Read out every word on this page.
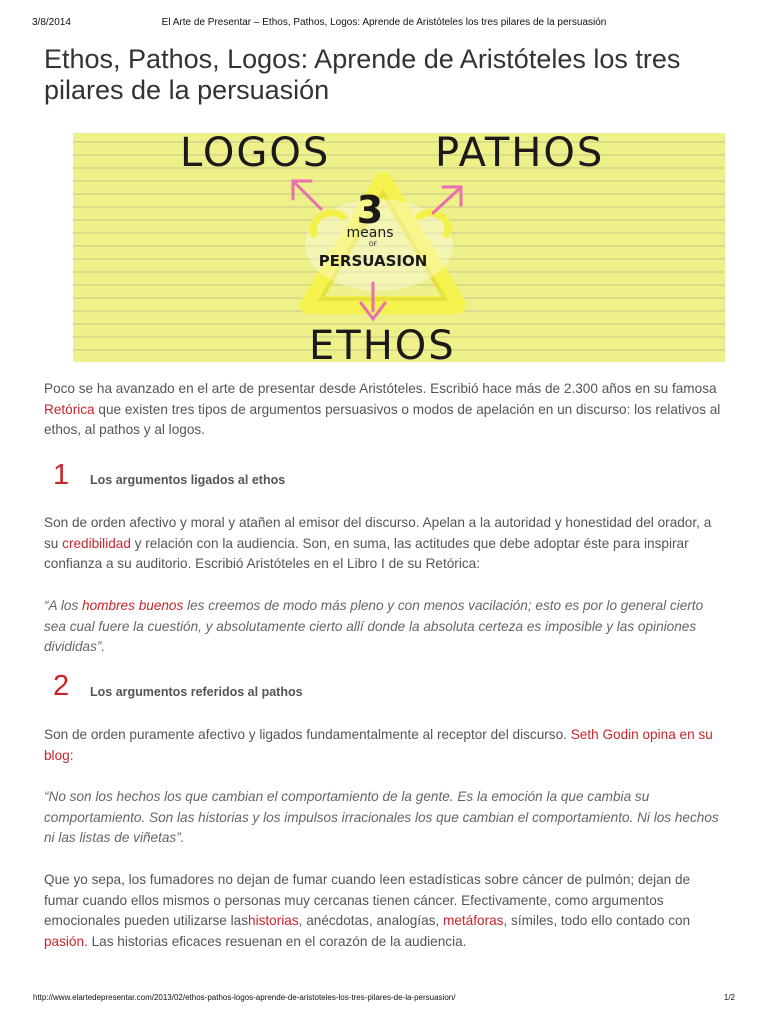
3/8/2014	El Arte de Presentar – Ethos, Pathos, Logos: Aprende de Aristóteles los tres pilares de la persuasión
Ethos, Pathos, Logos: Aprende de Aristóteles los tres pilares de la persuasión
LOGOS	PATHOS
ETHOS
3
means
OF
PERSUASION

Poco se ha avanzado en el arte de presentar desde Aristóteles. Escribió hace más de 2.300 años en su famosa Retórica que existen tres tipos de argumentos persuasivos o modos de apelación en un discurso: los relativos al ethos, al pathos y al logos.

1	Los argumentos ligados al ethos

Son de orden afectivo y moral y atañen al emisor del discurso. Apelan a la autoridad y honestidad del orador, a su credibilidad y relación con la audiencia. Son, en suma, las actitudes que debe adoptar éste para inspirar confianza a su auditorio. Escribió Aristóteles en el Libro I de su Retórica:

“A los hombres buenos les creemos de modo más pleno y con menos vacilación; esto es por lo general cierto sea cual fuere la cuestión, y absolutamente cierto allí donde la absoluta certeza es imposible y las opiniones divididas”.

2	Los argumentos referidos al pathos

Son de orden puramente afectivo y ligados fundamentalmente al receptor del discurso. Seth Godin opina en su blog:

“No son los hechos los que cambian el comportamiento de la gente. Es la emoción la que cambia su comportamiento. Son las historias y los impulsos irracionales los que cambian el comportamiento. Ni los hechos ni las listas de viñetas”.

Que yo sepa, los fumadores no dejan de fumar cuando leen estadísticas sobre cáncer de pulmón; dejan de fumar cuando ellos mismos o personas muy cercanas tienen cáncer. Efectivamente, como argumentos emocionales pueden utilizarse lashistorias, anécdotas, analogías, metáforas, símiles, todo ello contado con pasión. Las historias eficaces resuenan en el corazón de la audiencia.

http://www.elartedepresentar.com/2013/02/ethos-pathos-logos-aprende-de-aristoteles-los-tres-pilares-de-la-persuasion/	1/2
